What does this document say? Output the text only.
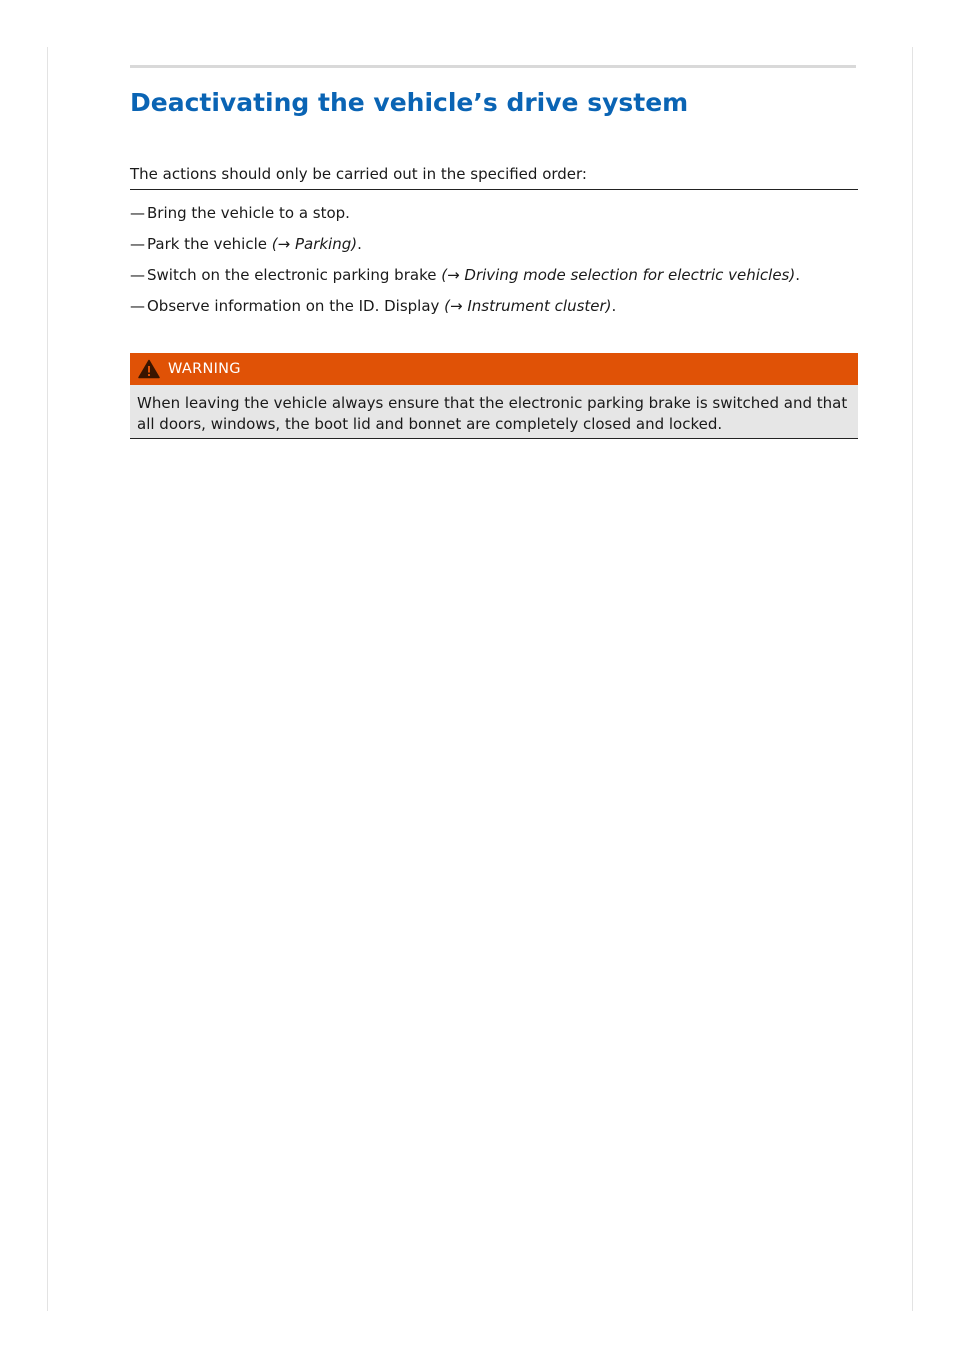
Deactivating the vehicle’s drive system
The actions should only be carried out in the specified order:
— Bring the vehicle to a stop.
— Park the vehicle (→ Parking).
— Switch on the electronic parking brake (→ Driving mode selection for electric vehicles).
— Observe information on the ID. Display (→ Instrument cluster).
WARNING
When leaving the vehicle always ensure that the electronic parking brake is switched and that all doors, windows, the boot lid and bonnet are completely closed and locked.
